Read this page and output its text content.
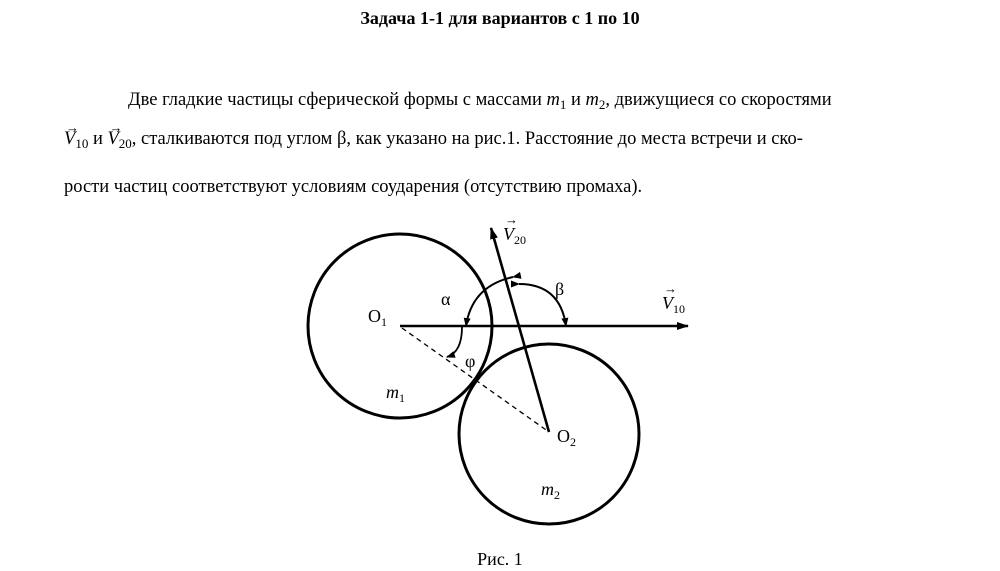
Задача 1-1 для вариантов с 1 по 10
Две гладкие частицы сферической формы с массами $m_1$ и $m_2$, движущиеся со скоростями
→
$V_{10}$ и
→
$V_{20}$, сталкиваются под углом β, как указано на рис.1. Расстояние до места встречи и ско-
рости частиц соответствуют условиям соударения (отсутствию промаха).
$O_1$
$O_2$
$m_1$
$m_2$
α	β
φ
→
$V_{20}$
→
$V_{10}$
Рис. 1
